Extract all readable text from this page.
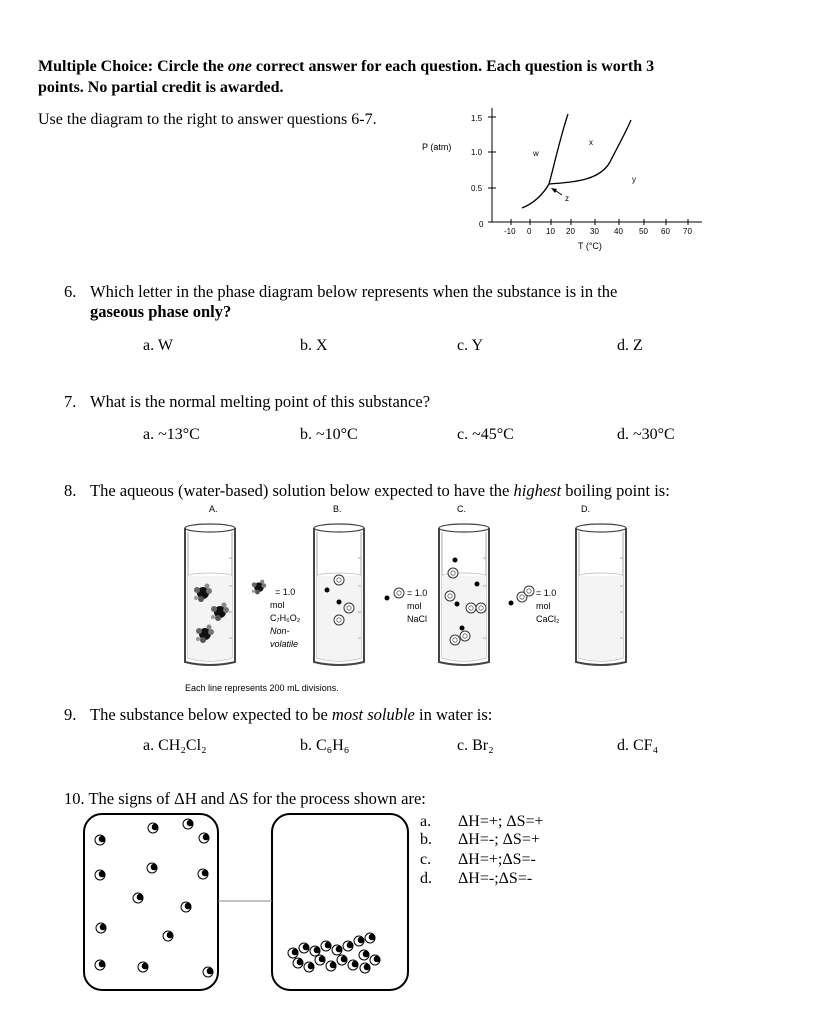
Multiple Choice: Circle the one correct answer for each question. Each question is worth 3 points. No partial credit is awarded.
Use the diagram to the right to answer questions 6-7.
P (atm)
1.5
1.0
0.5
0
-10 0 10 20 30 40 50 60 70
T (°C)
w
x
y
z
6. Which letter in the phase diagram below represents when the substance is in the
gaseous phase only?
a. W	b. X	c. Y	d. Z
7. What is the normal melting point of this substance?
a. ~13°C	b. ~10°C	c. ~45°C	d. ~30°C
8. The aqueous (water-based) solution below expected to have the highest boiling point is:
A.	B.	C.	D.
= 1.0
mol
C₇H₆O₂
Non-
volatile
= 1.0
mol
NaCl
= 1.0
mol
CaCl₂
Each line represents 200 mL divisions.
9. The substance below expected to be most soluble in water is:
a. CH₂Cl₂	b. C₆H₆	c. Br₂	d. CF₄
10. The signs of ΔH and ΔS for the process shown are:
a. ΔH=+; ΔS=+
b. ΔH=-; ΔS=+
c. ΔH=+;ΔS=-
d. ΔH=-;ΔS=-
